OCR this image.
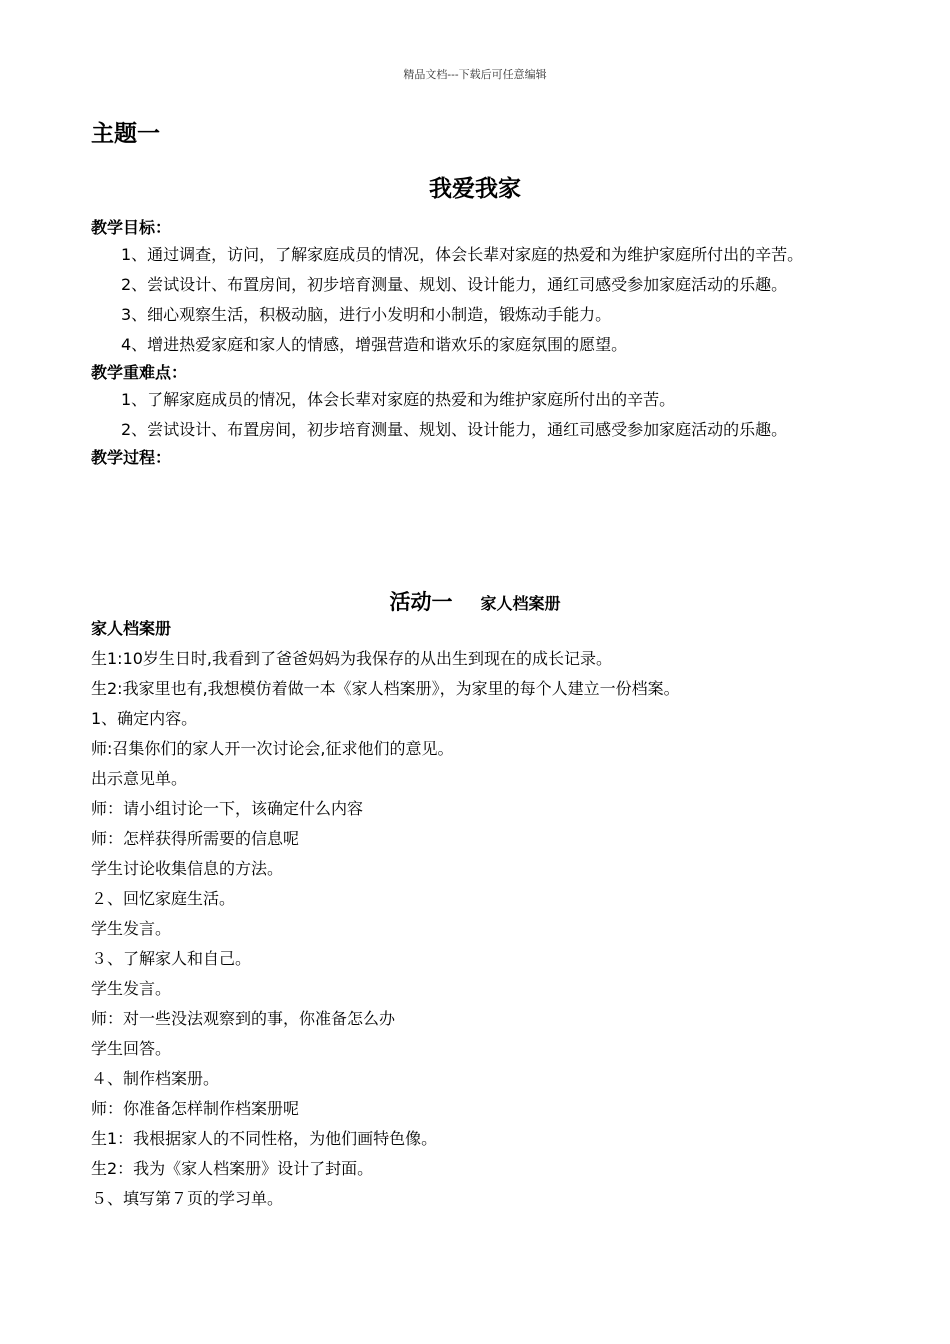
精品文档---下载后可任意编辑
主题一
我爱我家
教学目标：
1、通过调查，访问，了解家庭成员的情况，体会长辈对家庭的热爱和为维护家庭所付出的辛苦。
2、尝试设计、布置房间，初步培育测量、规划、设计能力，通红司感受参加家庭活动的乐趣。
3、细心观察生活，积极动脑，进行小发明和小制造，锻炼动手能力。
4、增进热爱家庭和家人的情感，增强营造和谐欢乐的家庭氛围的愿望。
教学重难点：
1、了解家庭成员的情况，体会长辈对家庭的热爱和为维护家庭所付出的辛苦。
2、尝试设计、布置房间，初步培育测量、规划、设计能力，通红司感受参加家庭活动的乐趣。
教学过程：
活动一 家人档案册
家人档案册
生1:10岁生日时,我看到了爸爸妈妈为我保存的从出生到现在的成长记录。
生2:我家里也有,我想模仿着做一本《家人档案册》，为家里的每个人建立一份档案。
1、确定内容。
师:召集你们的家人开一次讨论会,征求他们的意见。
出示意见单。
师：请小组讨论一下，该确定什么内容
师：怎样获得所需要的信息呢
学生讨论收集信息的方法。
２、回忆家庭生活。
学生发言。
３、了解家人和自己。
学生发言。
师：对一些没法观察到的事，你准备怎么办
学生回答。
４、制作档案册。
师：你准备怎样制作档案册呢
生1：我根据家人的不同性格，为他们画特色像。
生2：我为《家人档案册》设计了封面。
５、填写第７页的学习单。
